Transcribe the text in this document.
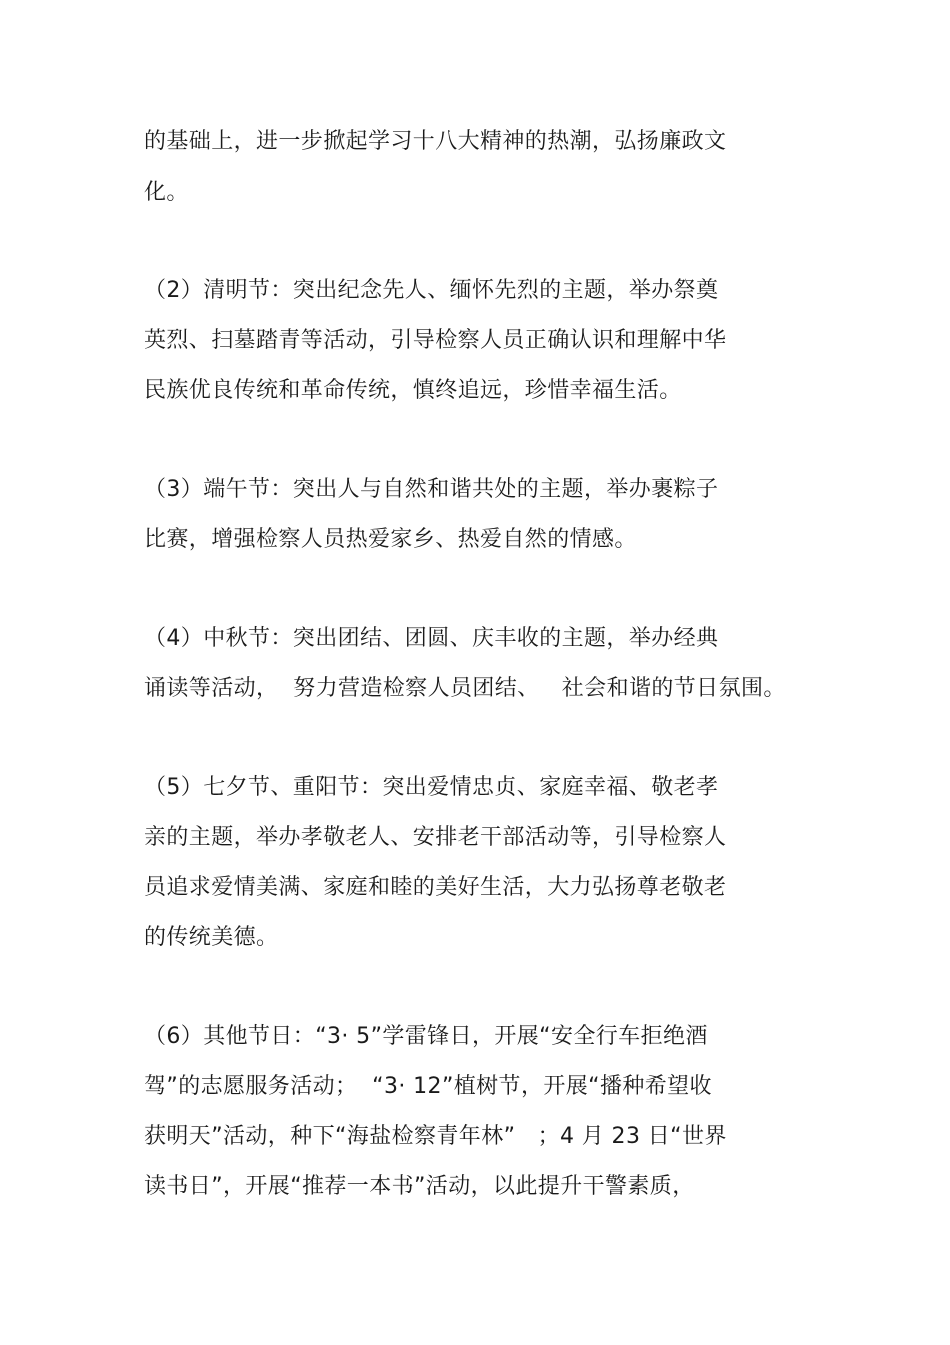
的基础上，进一步掀起学习十八大精神的热潮，弘扬廉政文
化。
（2）清明节：突出纪念先人、缅怀先烈的主题，举办祭奠
英烈、扫墓踏青等活动，引导检察人员正确认识和理解中华
民族优良传统和革命传统，慎终追远，珍惜幸福生活。
（3）端午节：突出人与自然和谐共处的主题，举办裹粽子
比赛，增强检察人员热爱家乡、热爱自然的情感。
（4）中秋节：突出团结、团圆、庆丰收的主题，举办经典
诵读等活动，  努力营造检察人员团结、   社会和谐的节日氛围。
（5）七夕节、重阳节：突出爱情忠贞、家庭幸福、敬老孝
亲的主题，举办孝敬老人、安排老干部活动等，引导检察人
员追求爱情美满、家庭和睦的美好生活，大力弘扬尊老敬老
的传统美德。
（6）其他节日：“3· 5”学雷锋日，开展“安全行车拒绝酒
驾”的志愿服务活动；  “3· 12”植树节，开展“播种希望收
获明天”活动，种下“海盐检察青年林”   ；4 月 23 日“世界
读书日”，开展“推荐一本书”活动，以此提升干警素质，
